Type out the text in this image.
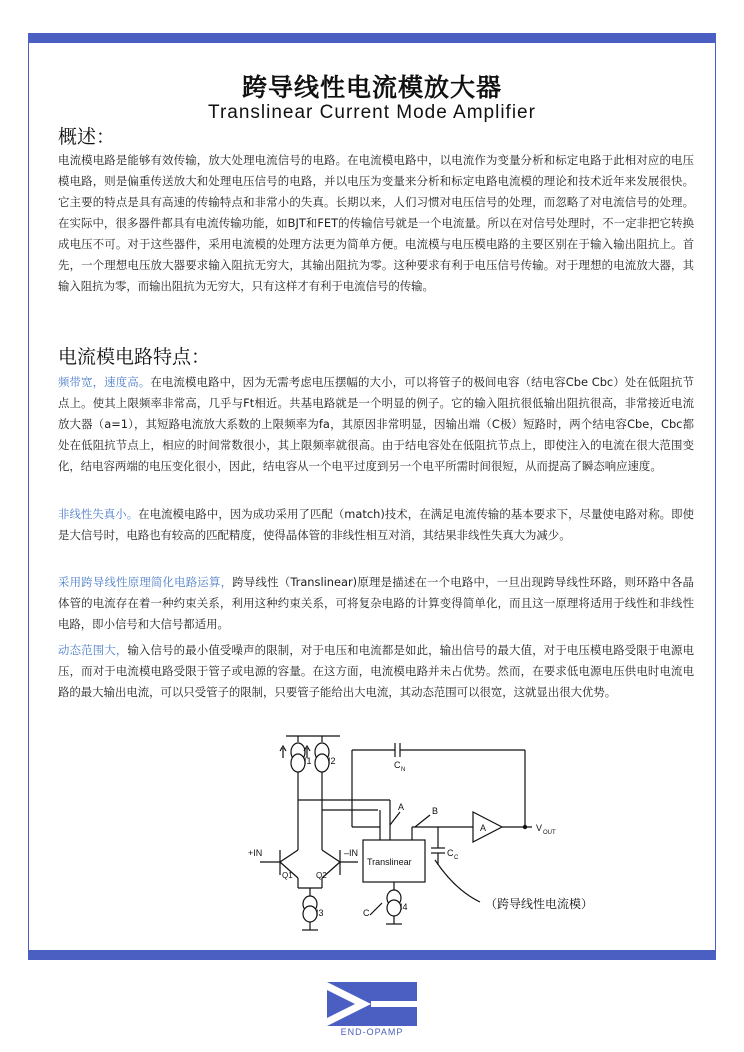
跨导线性电流模放大器
Translinear Current Mode Amplifier
概述：

电流模电路是能够有效传输，放大处理电流信号的电路。在电流模电路中，以电流作为变量分析和标定电路于此相对应的电压模电路，则是偏重传送放大和处理电压信号的电路，并以电压为变量来分析和标定电路电流模的理论和技术近年来发展很快。它主要的特点是具有高速的传输特点和非常小的失真。长期以来，人们习惯对电压信号的处理，而忽略了对电流信号的处理。在实际中，很多器件都具有电流传输功能，如BJT和FET的传输信号就是一个电流量。所以在对信号处理时，不一定非把它转换成电压不可。对于这些器件，采用电流模的处理方法更为简单方便。电流模与电压模电路的主要区别在于输入输出阻抗上。首先，一个理想电压放大器要求输入阻抗无穷大，其输出阻抗为零。这种要求有利于电压信号传输。对于理想的电流放大器，其输入阻抗为零，而输出阻抗为无穷大，只有这样才有利于电流信号的传输。

电流模电路特点：

频带宽，速度高。在电流模电路中，因为无需考虑电压摆幅的大小，可以将管子的极间电容（结电容Cbe Cbc）处在低阻抗节点上。使其上限频率非常高，几乎与Ft相近。共基电路就是一个明显的例子。它的输入阻抗很低输出阻抗很高，非常接近电流放大器（a=1），其短路电流放大系数的上限频率为fa，其原因非常明显，因输出端（C极）短路时，两个结电容Cbe，Cbc都处在低阻抗节点上，相应的时间常数很小，其上限频率就很高。由于结电容处在低阻抗节点上，即使注入的电流在很大范围变化，结电容两端的电压变化很小，因此，结电容从一个电平过度到另一个电平所需时间很短，从而提高了瞬态响应速度。

非线性失真小。在电流模电路中，因为成功采用了匹配（match)技术，在满足电流传输的基本要求下，尽量使电路对称。即使是大信号时，电路也有较高的匹配精度，使得晶体管的非线性相互对消，其结果非线性失真大为减少。

采用跨导线性原理简化电路运算，跨导线性（Translinear)原理是描述在一个电路中，一旦出现跨导线性环路，则环路中各晶体管的电流存在着一种约束关系，利用这种约束关系，可将复杂电路的计算变得简单化，而且这一原理将适用于线性和非线性电路，即小信号和大信号都适用。

动态范围大，输入信号的最小值受噪声的限制，对于电压和电流都是如此，输出信号的最大值，对于电压模电路受限于电源电压，而对于电流模电路受限于管子或电源的容量。在这方面，电流模电路并未占优势。然而，在要求低电源电压供电时电流电路的最大输出电流，可以只受管子的限制，只要管子能给出大电流，其动态范围可以很宽，这就显出很大优势。

I1 I2
I3
I4
C N
C C
A	B
A	V OUT
+IN	–IN
Q1	Q2
Translinear
C
（跨导线性电流模）
END-OPAMP
